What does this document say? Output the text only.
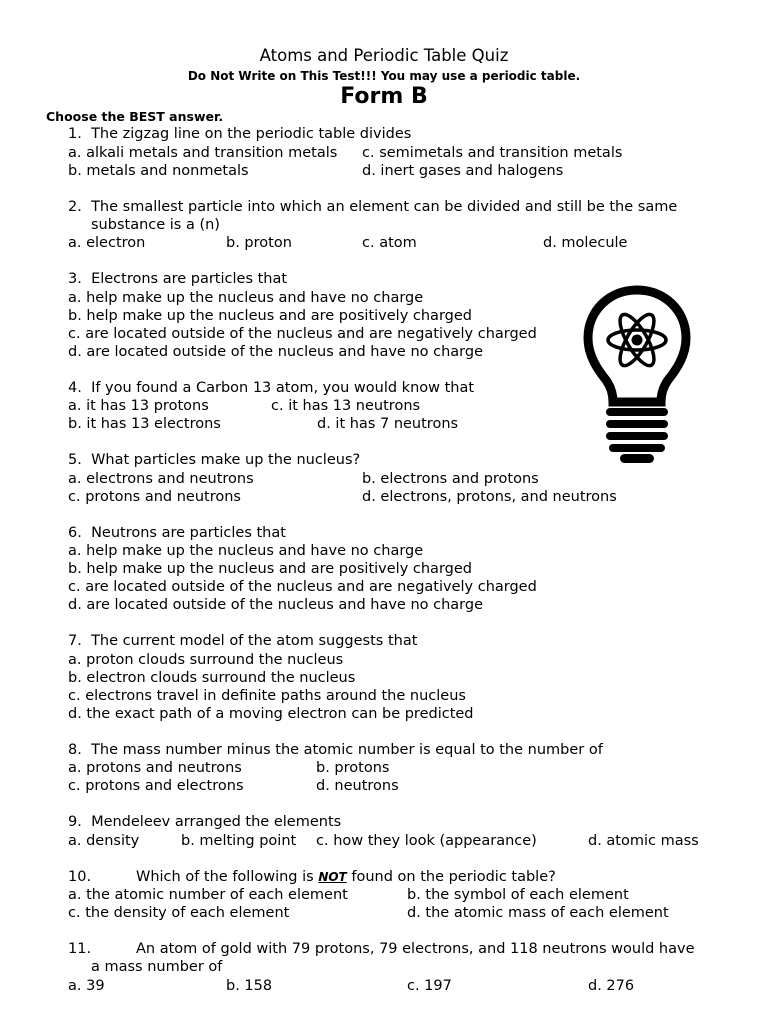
Atoms and Periodic Table Quiz
Do Not Write on This Test!!! You may use a periodic table.
Form B
Choose the BEST answer.
1. The zigzag line on the periodic table divides
a. alkali metals and transition metals c. semimetals and transition metals
b. metals and nonmetals	d. inert gases and halogens
2. The smallest particle into which an element can be divided and still be the same
substance is a (n)
a. electron	b. proton	c. atom	d. molecule
3. Electrons are particles that
a. help make up the nucleus and have no charge
b. help make up the nucleus and are positively charged
c. are located outside of the nucleus and are negatively charged
d. are located outside of the nucleus and have no charge
4. If you found a Carbon 13 atom, you would know that
a. it has 13 protons	c. it has 13 neutrons
b. it has 13 electrons	d. it has 7 neutrons
5. What particles make up the nucleus?
a. electrons and neutrons	b. electrons and protons
c. protons and neutrons	d. electrons, protons, and neutrons
6. Neutrons are particles that
a. help make up the nucleus and have no charge
b. help make up the nucleus and are positively charged
c. are located outside of the nucleus and are negatively charged
d. are located outside of the nucleus and have no charge
7. The current model of the atom suggests that
a. proton clouds surround the nucleus
b. electron clouds surround the nucleus
c. electrons travel in definite paths around the nucleus
d. the exact path of a moving electron can be predicted
8. The mass number minus the atomic number is equal to the number of
a. protons and neutrons	b. protons
c. protons and electrons	d. neutrons
9. Mendeleev arranged the elements
a. density	b. melting point c. how they look (appearance)	d. atomic mass
10.	Which of the following is NOT found on the periodic table?
a. the atomic number of each element	b. the symbol of each element
c. the density of each element	d. the atomic mass of each element
11.	An atom of gold with 79 protons, 79 electrons, and 118 neutrons would have
a mass number of
a. 39	b. 158	c. 197	d. 276
